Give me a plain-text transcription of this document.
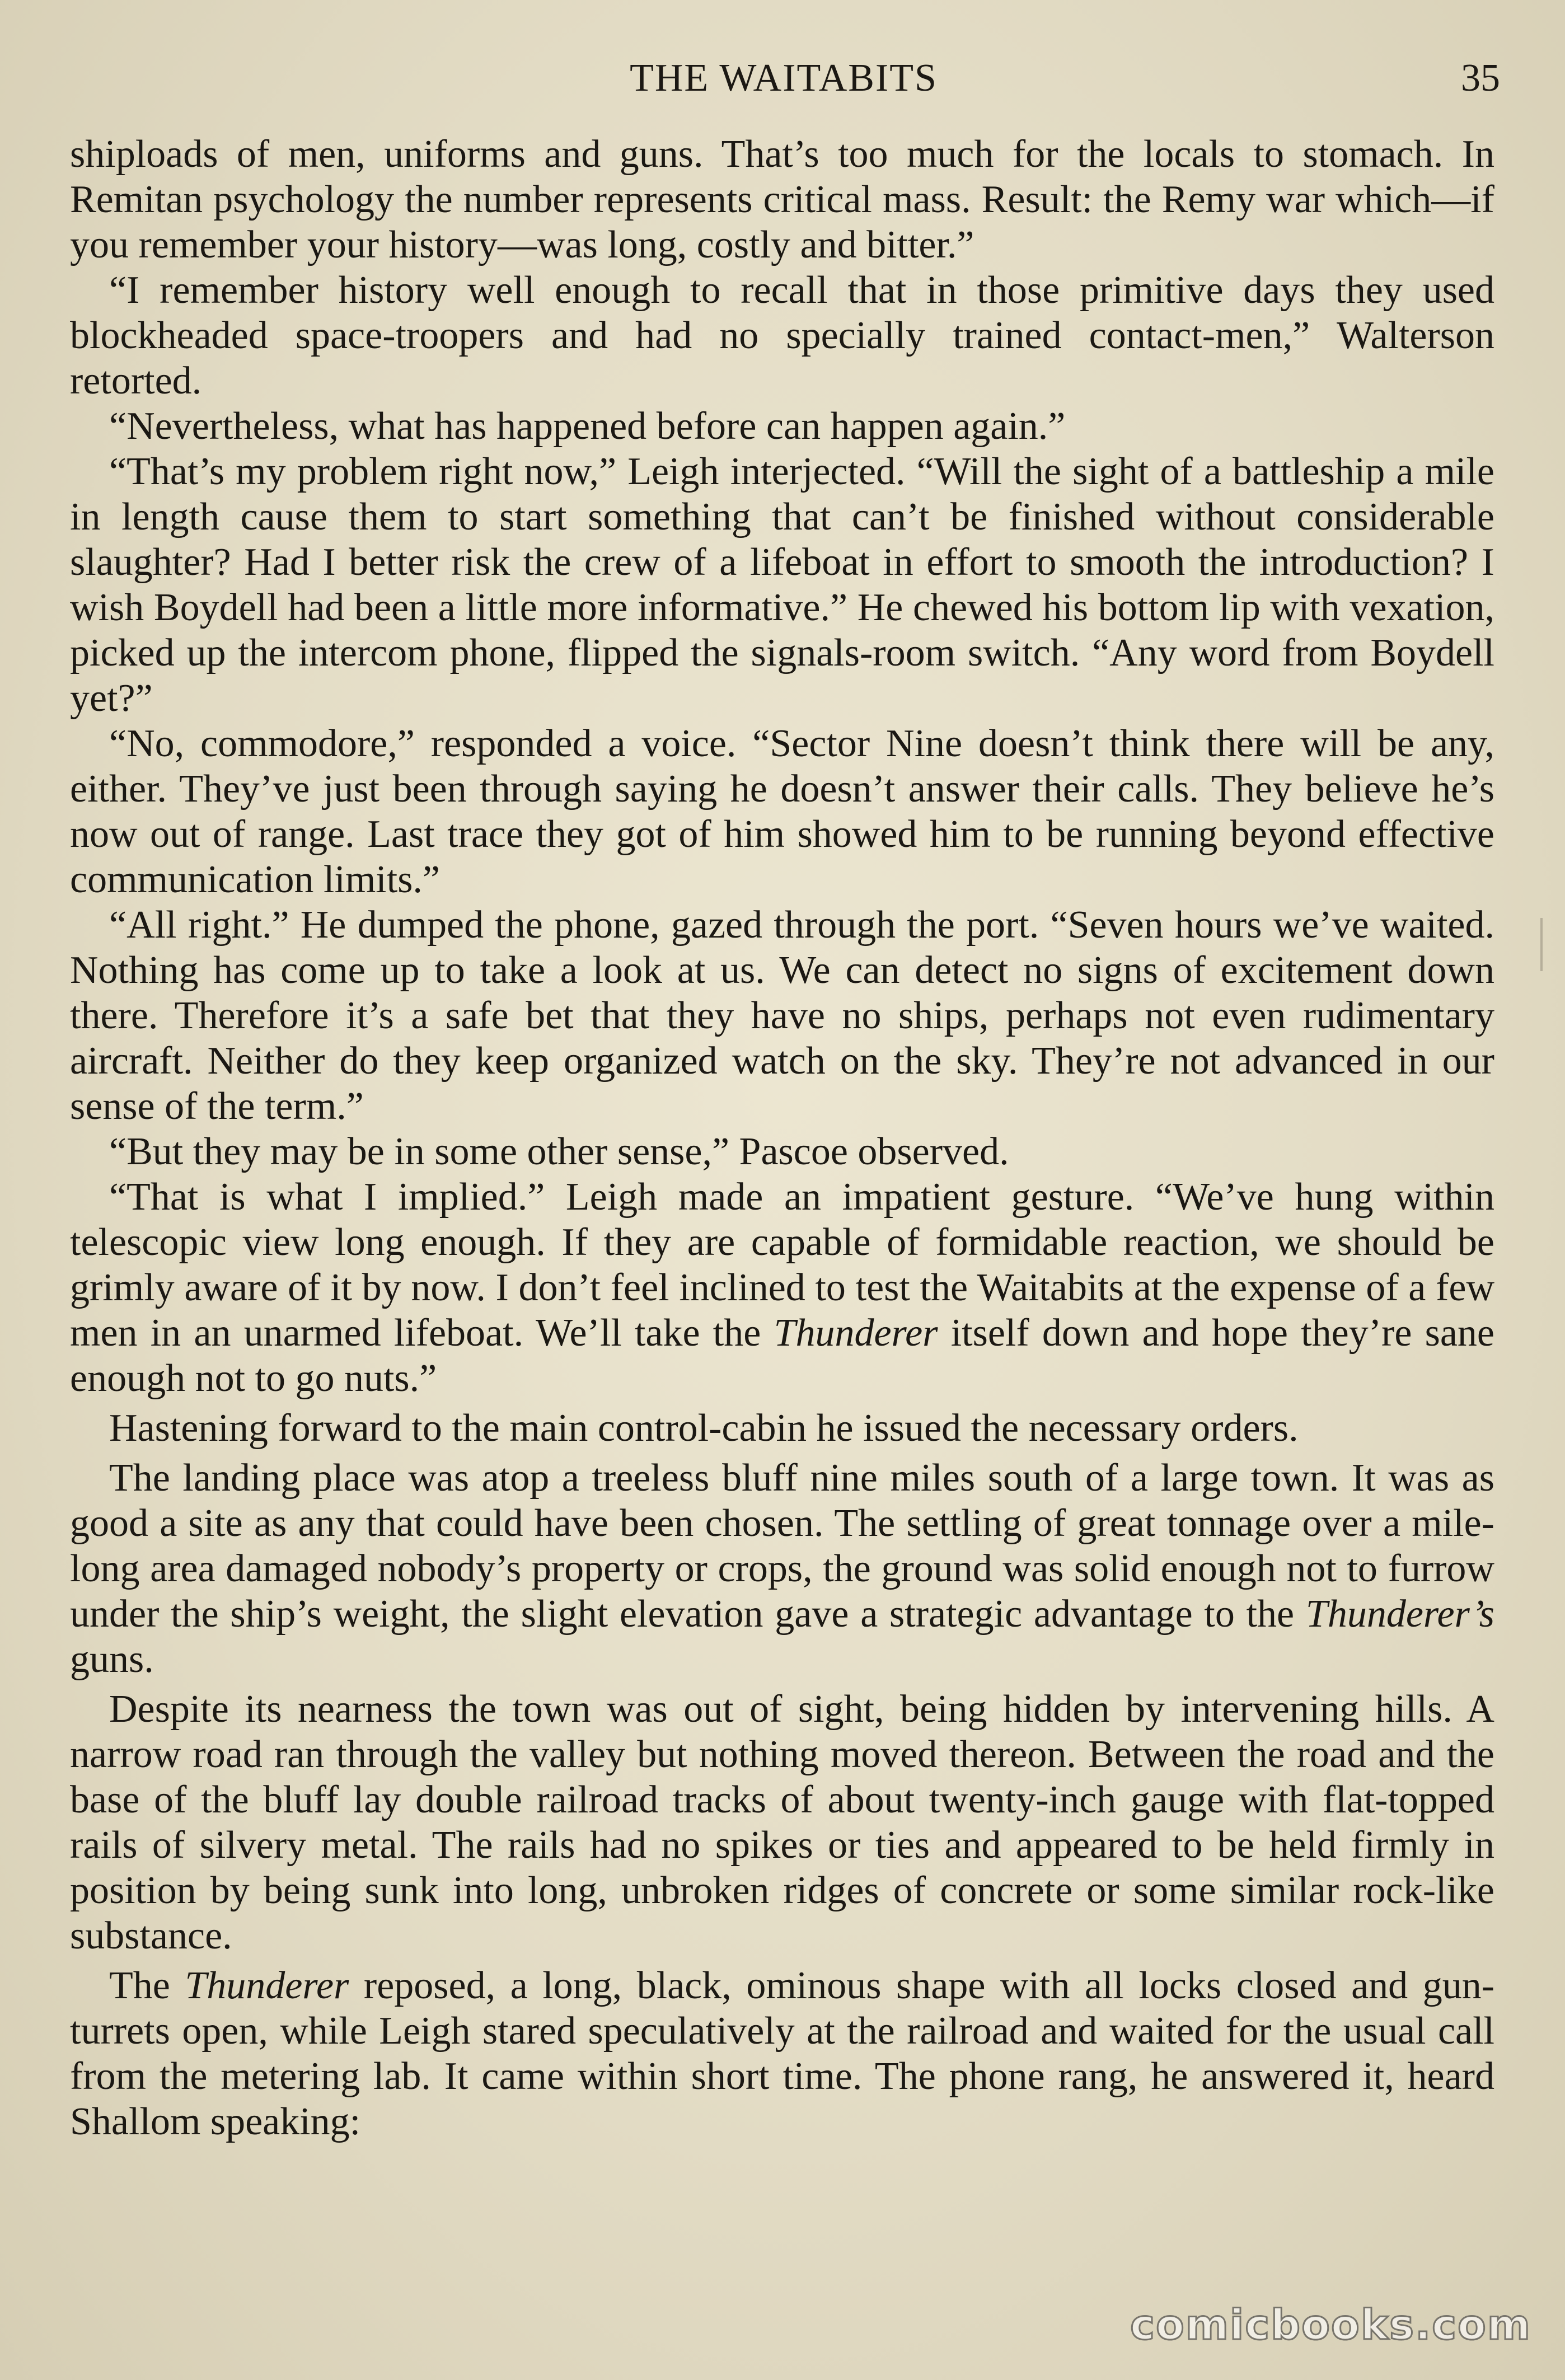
THE WAITABITS	35

shiploads of men, uniforms and guns. That’s too much for the locals to stomach. In Remitan psychology the number represents critical mass. Result: the Remy war which—if you remember your history—was long, costly and bitter.”

“I remember history well enough to recall that in those primitive days they used blockheaded space-troopers and had no specially trained contact-men,” Walterson retorted.

“Nevertheless, what has happened before can happen again.”

“That’s my problem right now,” Leigh interjected. “Will the sight of a battleship a mile in length cause them to start something that can’t be finished without considerable slaughter? Had I better risk the crew of a lifeboat in effort to smooth the introduction? I wish Boydell had been a little more informative.” He chewed his bottom lip with vexation, picked up the intercom phone, flipped the signals-room switch. “Any word from Boydell yet?”

“No, commodore,” responded a voice. “Sector Nine doesn’t think there will be any, either. They’ve just been through saying he doesn’t answer their calls. They believe he’s now out of range. Last trace they got of him showed him to be running beyond effective communication limits.”

“All right.” He dumped the phone, gazed through the port. “Seven hours we’ve waited. Nothing has come up to take a look at us. We can detect no signs of excitement down there. Therefore it’s a safe bet that they have no ships, perhaps not even rudimentary aircraft. Neither do they keep organized watch on the sky. They’re not advanced in our sense of the term.”

“But they may be in some other sense,” Pascoe observed.

“That is what I implied.” Leigh made an impatient gesture. “We’ve hung within telescopic view long enough. If they are capable of formidable reaction, we should be grimly aware of it by now. I don’t feel inclined to test the Waitabits at the expense of a few men in an unarmed lifeboat. We’ll take the Thunderer itself down and hope they’re sane enough not to go nuts.”

Hastening forward to the main control-cabin he issued the necessary orders.

The landing place was atop a treeless bluff nine miles south of a large town. It was as good a site as any that could have been chosen. The settling of great tonnage over a mile-long area damaged nobody’s property or crops, the ground was solid enough not to furrow under the ship’s weight, the slight elevation gave a strategic advantage to the Thunderer’s guns.

Despite its nearness the town was out of sight, being hidden by intervening hills. A narrow road ran through the valley but nothing moved thereon. Between the road and the base of the bluff lay double railroad tracks of about twenty-inch gauge with flat-topped rails of silvery metal. The rails had no spikes or ties and appeared to be held firmly in position by being sunk into long, unbroken ridges of concrete or some similar rock-like substance.

The Thunderer reposed, a long, black, ominous shape with all locks closed and gun-turrets open, while Leigh stared speculatively at the railroad and waited for the usual call from the metering lab. It came within short time. The phone rang, he answered it, heard Shallom speaking:

comicbooks.com
